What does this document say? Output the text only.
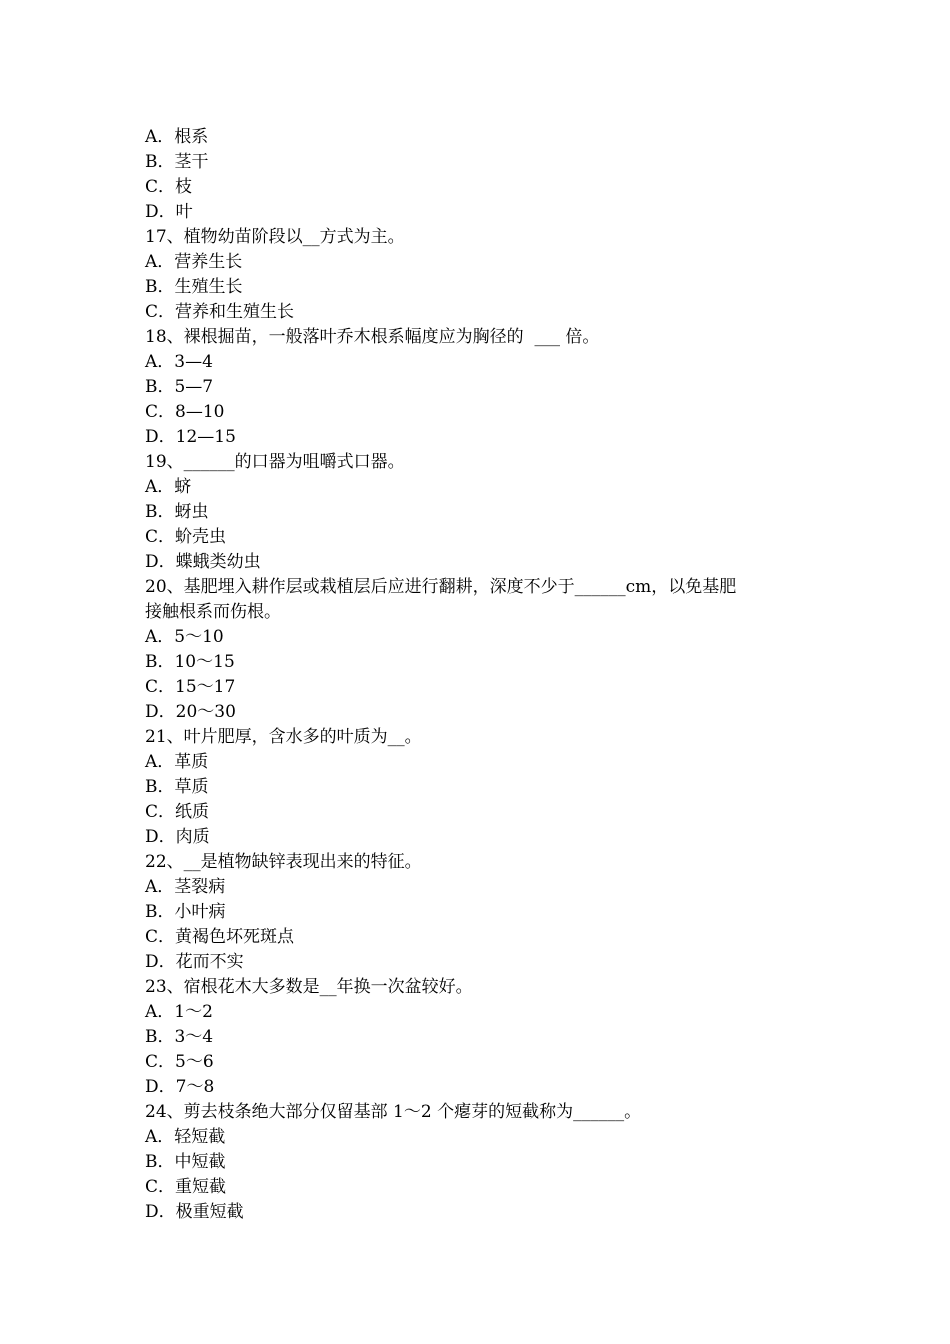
A．根系
B．茎干
C．枝
D．叶
17、植物幼苗阶段以__方式为主。
A．营养生长
B．生殖生长
C．营养和生殖生长
18、裸根掘苗，一般落叶乔木根系幅度应为胸径的  ___ 倍。
A．3—4
B．5—7
C．8—10
D．12—15
19、______的口器为咀嚼式口器。
A．蛴
B．蚜虫
C．蚧壳虫
D．蝶蛾类幼虫
20、基肥埋入耕作层或栽植层后应进行翻耕，深度不少于______cm，以免基肥
接触根系而伤根。
A．5～10
B．10～15
C．15～17
D．20～30
21、叶片肥厚，含水多的叶质为__。
A．革质
B．草质
C．纸质
D．肉质
22、__是植物缺锌表现出来的特征。
A．茎裂病
B．小叶病
C．黄褐色坏死斑点
D．花而不实
23、宿根花木大多数是__年换一次盆较好。
A．1～2
B．3～4
C．5～6
D．7～8
24、剪去枝条绝大部分仅留基部 1～2 个瘪芽的短截称为______。
A．轻短截
B．中短截
C．重短截
D．极重短截
